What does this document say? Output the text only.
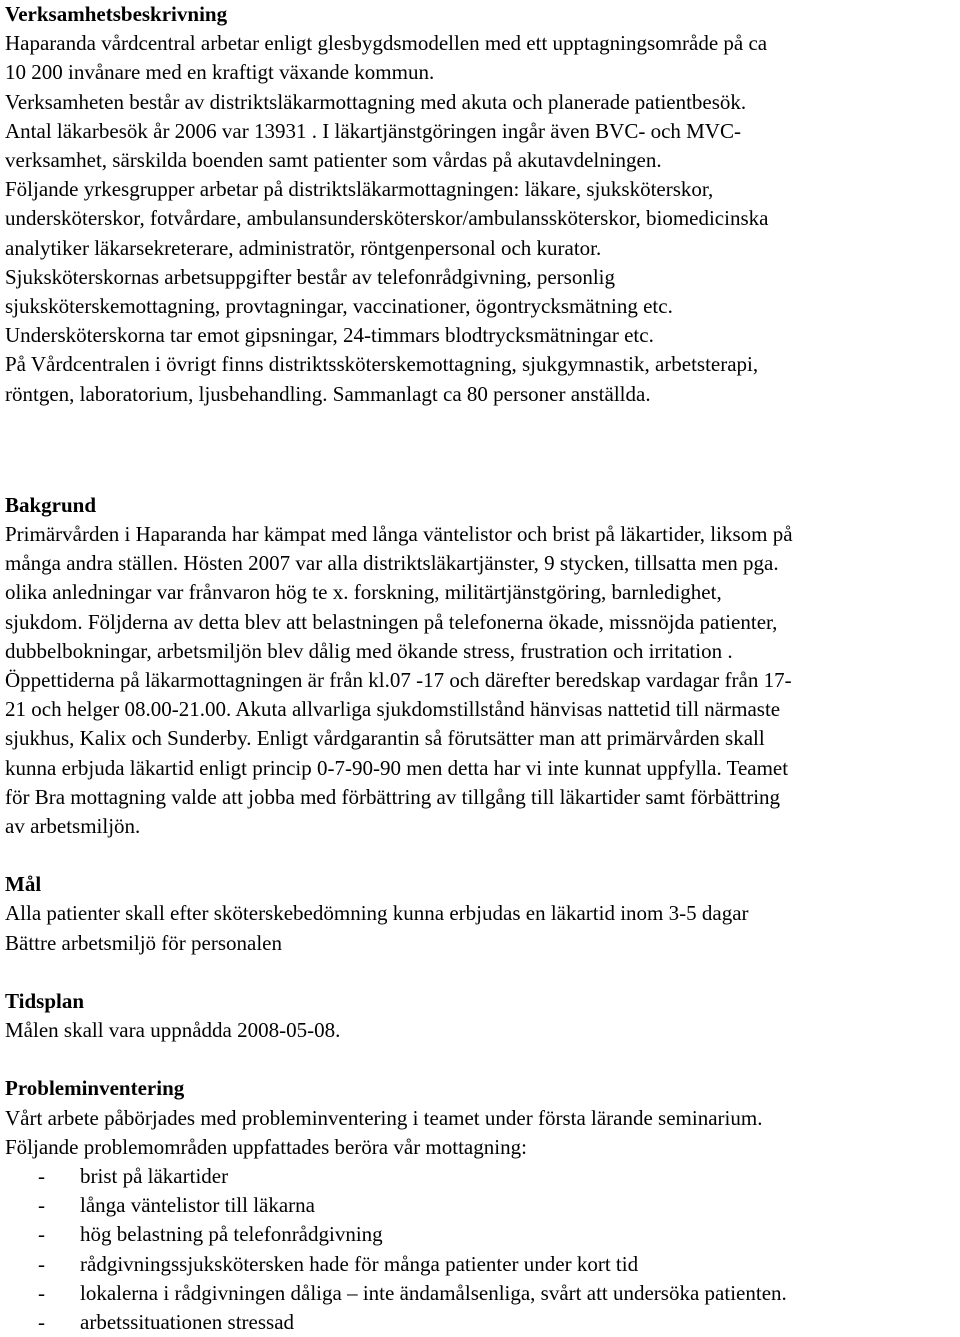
Verksamhetsbeskrivning
Haparanda vårdcentral arbetar enligt glesbygdsmodellen med ett upptagningsområde på ca
10 200 invånare med en kraftigt växande kommun.
Verksamheten består av distriktsläkarmottagning med akuta och planerade patientbesök.
Antal läkarbesök år 2006 var 13931 . I läkartjänstgöringen ingår även BVC- och MVC-
verksamhet, särskilda boenden samt patienter som vårdas på akutavdelningen.
Följande yrkesgrupper arbetar på distriktsläkarmottagningen: läkare, sjuksköterskor,
undersköterskor, fotvårdare, ambulansundersköterskor/ambulanssköterskor, biomedicinska
analytiker läkarsekreterare, administratör, röntgenpersonal och kurator.
Sjuksköterskornas arbetsuppgifter består av telefonrådgivning, personlig
sjuksköterskemottagning, provtagningar, vaccinationer, ögontrycksmätning etc.
Undersköterskorna tar emot gipsningar, 24-timmars blodtrycksmätningar etc.
På Vårdcentralen i övrigt finns distriktssköterskemottagning, sjukgymnastik, arbetsterapi,
röntgen, laboratorium, ljusbehandling. Sammanlagt ca 80 personer anställda.
Bakgrund
Primärvården i Haparanda har kämpat med långa väntelistor och brist på läkartider, liksom på
många andra ställen. Hösten 2007 var alla distriktsläkartjänster, 9 stycken, tillsatta men pga.
olika anledningar var frånvaron hög te x. forskning, militärtjänstgöring, barnledighet,
sjukdom. Följderna av detta blev att belastningen på telefonerna ökade, missnöjda patienter,
dubbelbokningar, arbetsmiljön blev dålig med ökande stress, frustration och irritation .
Öppettiderna på läkarmottagningen är från kl.07 -17 och därefter beredskap vardagar från 17-
21 och helger 08.00-21.00. Akuta allvarliga sjukdomstillstånd hänvisas nattetid till närmaste
sjukhus, Kalix och Sunderby. Enligt vårdgarantin så förutsätter man att primärvården skall
kunna erbjuda läkartid enligt princip 0-7-90-90 men detta har vi inte kunnat uppfylla. Teamet
för Bra mottagning valde att jobba med förbättring av tillgång till läkartider samt förbättring
av arbetsmiljön.
Mål
Alla patienter skall efter sköterskebedömning kunna erbjudas en läkartid inom 3-5 dagar
Bättre arbetsmiljö för personalen
Tidsplan
Målen skall vara uppnådda 2008-05-08.
Probleminventering
Vårt arbete påbörjades med probleminventering i teamet under första lärande seminarium.
Följande problemområden uppfattades beröra vår mottagning:
- brist på läkartider
- långa väntelistor till läkarna
- hög belastning på telefonrådgivning
- rådgivningssjukskötersken hade för många patienter under kort tid
- lokalerna i rådgivningen dåliga – inte ändamålsenliga, svårt att undersöka patienten.
- arbetssituationen stressad
